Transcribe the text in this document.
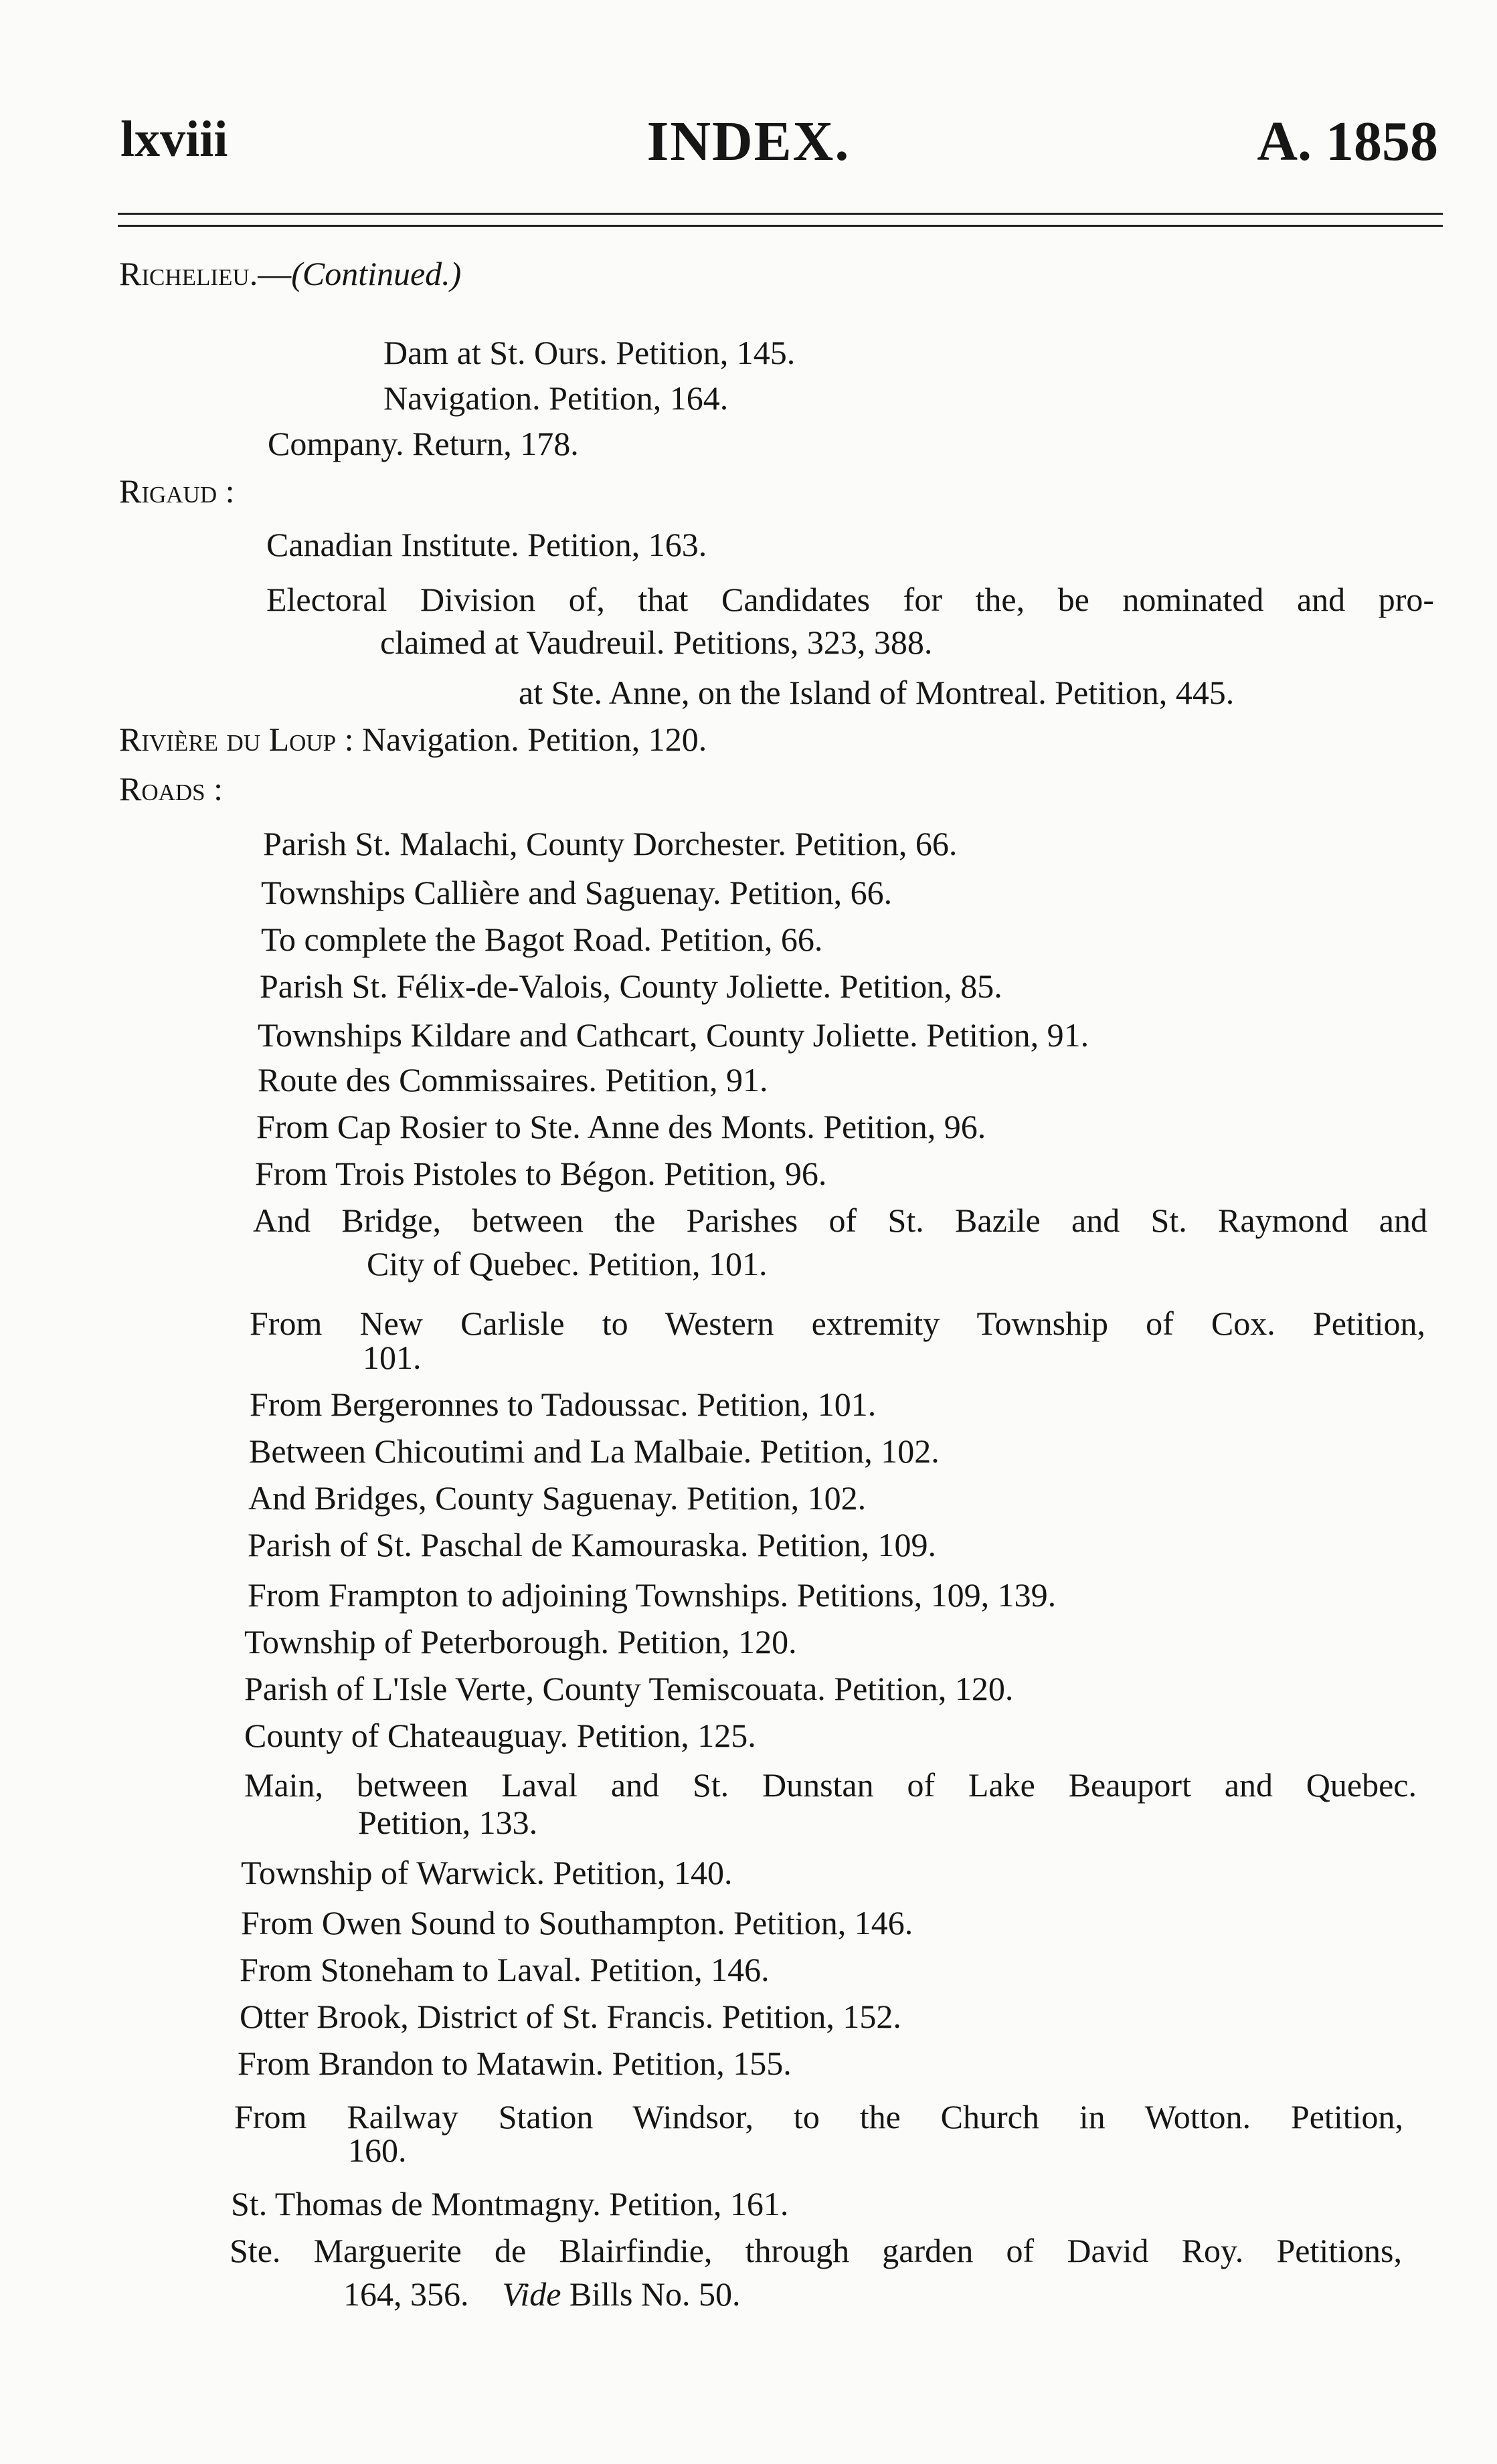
lxviii	INDEX.	A. 1858
Richelieu.—(Continued.)
Dam at St. Ours. Petition, 145.
Navigation. Petition, 164.
Company. Return, 178.
Rigaud :
Canadian Institute. Petition, 163.
Electoral Division of, that Candidates for the, be nominated and pro-
claimed at Vaudreuil. Petitions, 323, 388.
at Ste. Anne, on the Island of Montreal. Petition, 445.
Rivière du Loup : Navigation. Petition, 120.
Roads :
Parish St. Malachi, County Dorchester. Petition, 66.
Townships Callière and Saguenay. Petition, 66.
To complete the Bagot Road. Petition, 66.
Parish St. Félix-de-Valois, County Joliette. Petition, 85.
Townships Kildare and Cathcart, County Joliette. Petition, 91.
Route des Commissaires. Petition, 91.
From Cap Rosier to Ste. Anne des Monts. Petition, 96.
From Trois Pistoles to Bégon. Petition, 96.
And Bridge, between the Parishes of St. Bazile and St. Raymond and
City of Quebec. Petition, 101.
From New Carlisle to Western extremity Township of Cox. Petition,
101.
From Bergeronnes to Tadoussac. Petition, 101.
Between Chicoutimi and La Malbaie. Petition, 102.
And Bridges, County Saguenay. Petition, 102.
Parish of St. Paschal de Kamouraska. Petition, 109.
From Frampton to adjoining Townships. Petitions, 109, 139.
Township of Peterborough. Petition, 120.
Parish of L'Isle Verte, County Temiscouata. Petition, 120.
County of Chateauguay. Petition, 125.
Main, between Laval and St. Dunstan of Lake Beauport and Quebec.
Petition, 133.
Township of Warwick. Petition, 140.
From Owen Sound to Southampton. Petition, 146.
From Stoneham to Laval. Petition, 146.
Otter Brook, District of St. Francis. Petition, 152.
From Brandon to Matawin. Petition, 155.
From Railway Station Windsor, to the Church in Wotton. Petition,
160.
St. Thomas de Montmagny. Petition, 161.
Ste. Marguerite de Blairfindie, through garden of David Roy. Petitions,
164, 356. Vide Bills No. 50.
